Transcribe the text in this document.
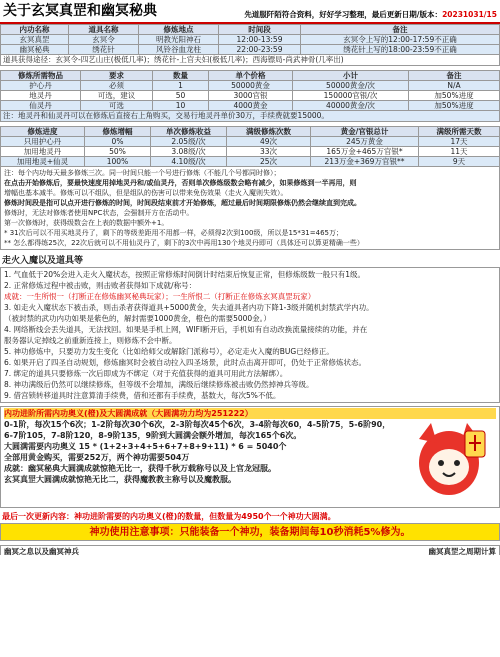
关于玄冥真罡和幽冥秘典	先道服阡陌符合资料，好好学习整理，最后更新日期/版本：20231031/15
内功名称	道具名称	修炼地点	时间段	备注
玄冥真罡	玄冥令	明教光阳神石	12:00-13:59	玄冥令上写的12:00-17:59不正确
幽冥秘典	绣花针	风铃谷血龙柱	22:00-23:59	绣花针上写的18:00-23:59不正确
道具获得途径：玄冥令-四艺山庄(极低几率)；绣花针-上官夫妇(极低几率)；西海镖局-尚武神骨(几率出)
修炼所需物品	要求	数量	单个价格	小计	备注
护心丹	必须	1	50000黄金	50000黄金/次	N/A
地灵丹	可选，建议	50	3000官银	150000官银/次	加50%进度
仙灵丹	可选	10	4000黄金	40000黄金/次	加50%进度
注：地灵丹和仙灵丹可以在修炼后直接右上角购买，交易行地灵丹单价30万，手续费就要15000。
修炼进度	修炼增幅	单次修炼收益	满级修炼次数	黄金/官银总计	满级所需天数
只用护心丹	0%	2.05级/次	49次	245万黄金	17天
加用地灵丹	50%	3.08级/次	33次	165万金+465万官银*	11天
加用地灵+仙灵	100%	4.10级/次	25次	213万金+369万官银**	9天

注：每个内功每天最多修炼三次。同一时间只能一个号进行修炼（不能几个号都同时修）；

在点击开始修炼后，要最快速度用掉地灵丹和/或仙灵丹，否则单次修炼级数会略有减少，如果修炼到一半再用，则

增幅也基本减半。修炼可以不组队，但是组队的伤害可以带来免伤效果（走火入魔则失效）。

修炼时间段是指可以点开进行修炼的时间，时间段结束前才开始修炼，超过最后时间期限修炼仍然会继续直到完成。

修炼时，无法对修炼者使用NPC状态，会强制开方在活动中。

第一次修炼时，获得级数会在上表的数据中额外+1。

* 31次后可以不用买地灵丹了，剩下的等级差距用不用都一样，必须得2次到100级，所以是15*31=465万；

** 怎么都得练25次，22次后就可以不用仙灵丹了，剩下的3次中再用130个地灵丹即可（具体还可以算更精确一些）

走火入魔以及道具等

1. 气血低于20%会进入走火入魔状态，按照正常修炼时间倒计时结束后恢复正常，但修炼级数一般只有1级。

2. 正常修炼过程中被击败，则击败者获得如下成就/称号：

成就：一生所恨一（打断正在修炼幽冥秘典玩家）；一生所恨二（打断正在修炼玄冥真罡玩家）

3. 如走火入魔状态下被击杀，则击杀者获得道具+5000黄金，失去道具者内功下降1-3级并随机封禁武学内功。

（被封禁的武功内功如果是紫色的，解封需要1000黄金，橙色的需要5000金。）

4. 网络断线会丢失道具，无法找回。如果是手机上网，WIFI断开后，手机如有自动改换流量接续的功能，并在

服务器认定掉线之前重新连接上，则修炼不会中断。

5. 神功修炼中，只要功力发生变化（比如给师父或解除门派称号），必定走火入魔的BUG已经修正。

6. 如果开启了四圣自动规划，修炼幽冥时会被自动拉入四圣场景，此时点击离开即可，仍处于正常修炼状态。

7. 绑定的道具只要修炼一次后即成为不绑定（对于充值获得的道具可用此方法解绑）。

8. 神功满级后仍然可以继续修炼，但等级不会增加，满级后继续修炼被击败仍然掉神兵等级。

9. 借宫锁转移道具时注意算清手续费，借和还都有手续费，基数大，每次5%不低。

内功进阶所需内功奥义(橙)及大圆满成就（大圆满功力均为251222）

0-1阶，每次15个6次；1-2阶每次30个6次，2-3阶每次45个6次，3-4阶每次60，4-5阶75，5-6阶90，

6-7阶105，7-8阶120，8-9阶135，9阶到大圆满会额外增加，每次165个6次。

大圆满需要内功奥义 15 * (1+2+3+4+5+6+7+8+9+11) * 6 = 5040个

全部用黄金购买，需要252万，两个神功需要504万

成就：幽冥秘典大圆满成就惊艳无比一，获得千秋万载称号以及上官龙冠服。

玄冥真罡大圆满成就惊艳无比二，获得魔教教主称号以及魔教服。

最后一次更新内容：神功进阶需要的内功奥义(橙)的数量，但数量为4950个一个神功大圆满。
神功使用注意事项：只能装备一个神功，装备期间每10秒消耗5%修为。
幽冥之息以及幽冥神兵	幽冥真罡之周期计算
